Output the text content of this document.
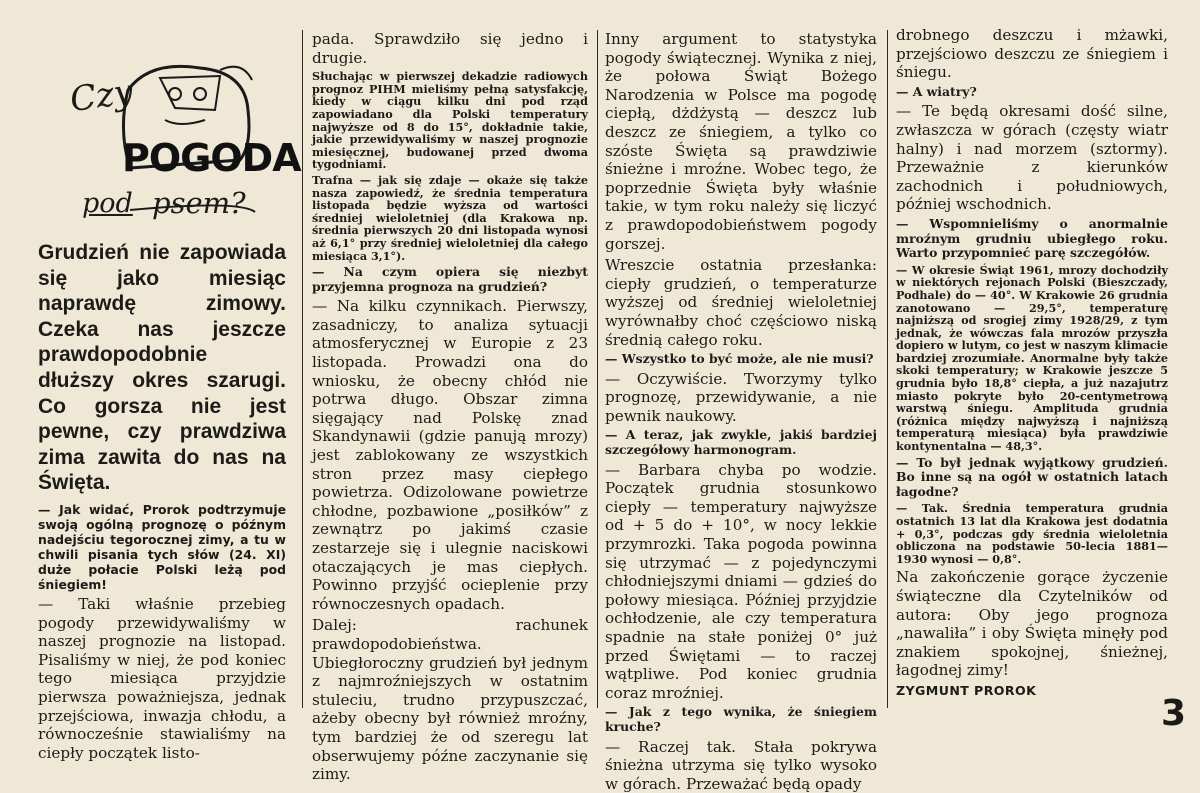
Czy
POGODA
pod psem?

Grudzień nie zapowiada się jako miesiąc naprawdę zimowy. Czeka nas jeszcze prawdopodobnie dłuższy okres szarugi. Co gorsza nie jest pewne, czy prawdziwa zima zawita do nas na Święta.

— Jak widać, Prorok podtrzymuje swoją ogólną prognozę o późnym nadejściu tegorocznej zimy, a tu w chwili pisania tych słów (24. XI) duże połacie Polski leżą pod śniegiem!

— Taki właśnie przebieg pogody przewidywaliśmy w naszej prognozie na listopad. Pisaliśmy w niej, że pod koniec tego miesiąca przyjdzie pierwsza poważniejsza, jednak przejściowa, inwazja chłodu, a równocześnie stawialiśmy na ciepły początek listo-

pada. Sprawdziło się jedno i drugie.

Słuchając w pierwszej dekadzie radiowych prognoz PIHM mieliśmy pełną satysfakcję, kiedy w ciągu kilku dni pod rząd zapowiadano dla Polski temperatury najwyższe od 8 do 15°, dokładnie takie, jakie przewidywaliśmy w naszej prognozie miesięcznej, budowanej przed dwoma tygodniami.

Trafna — jak się zdaje — okaże się także nasza zapowiedź, że średnia temperatura listopada będzie wyższa od wartości średniej wieloletniej (dla Krakowa np. średnia pierwszych 20 dni listopada wynosi aż 6,1° przy średniej wieloletniej dla całego miesiąca 3,1°).

— Na czym opiera się niezbyt przyjemna prognoza na grudzień?

— Na kilku czynnikach. Pierwszy, zasadniczy, to analiza sytuacji atmosferycznej w Europie z 23 listopada. Prowadzi ona do wniosku, że obecny chłód nie potrwa długo. Obszar zimna sięgający nad Polskę znad Skandynawii (gdzie panują mrozy) jest zablokowany ze wszystkich stron przez masy ciepłego powietrza. Odizolowane powietrze chłodne, pozbawione „posiłków” z zewnątrz po jakimś czasie zestarzeje się i ulegnie naciskowi otaczających je mas ciepłych. Powinno przyjść ocieplenie przy równoczesnych opadach.

Dalej: rachunek prawdopodobieństwa. Ubiegłoroczny grudzień był jednym z najmroźniejszych w ostatnim stuleciu, trudno przypuszczać, ażeby obecny był również mroźny, tym bardziej że od szeregu lat obserwujemy późne zaczynanie się zimy.

Inny argument to statystyka pogody świątecznej. Wynika z niej, że połowa Świąt Bożego Narodzenia w Polsce ma pogodę ciepłą, dżdżystą — deszcz lub deszcz ze śniegiem, a tylko co szóste Święta są prawdziwie śnieżne i mroźne. Wobec tego, że poprzednie Święta były właśnie takie, w tym roku należy się liczyć z prawdopodobieństwem pogody gorszej.

Wreszcie ostatnia przesłanka: ciepły grudzień, o temperaturze wyższej od średniej wieloletniej wyrównałby choć częściowo niską średnią całego roku.

— Wszystko to być może, ale nie musi?

— Oczywiście. Tworzymy tylko prognozę, przewidywanie, a nie pewnik naukowy.

— A teraz, jak zwykle, jakiś bardziej szczegółowy harmonogram.

— Barbara chyba po wodzie. Początek grudnia stosunkowo ciepły — temperatury najwyższe od + 5 do + 10°, w nocy lekkie przymrozki. Taka pogoda powinna się utrzymać — z pojedynczymi chłodniejszymi dniami — gdzieś do połowy miesiąca. Później przyjdzie ochłodzenie, ale czy temperatura spadnie na stałe poniżej 0° już przed Świętami — to raczej wątpliwe. Pod koniec grudnia coraz mroźniej.

— Jak z tego wynika, że śniegiem kruche?

— Raczej tak. Stała pokrywa śnieżna utrzyma się tylko wysoko w górach. Przeważać będą opady

drobnego deszczu i mżawki, przejściowo deszczu ze śniegiem i śniegu.

— A wiatry?

— Te będą okresami dość silne, zwłaszcza w górach (częsty wiatr halny) i nad morzem (sztormy). Przeważnie z kierunków zachodnich i południowych, później wschodnich.

— Wspomnieliśmy o anormalnie mroźnym grudniu ubiegłego roku. Warto przypomnieć parę szczegółów.

— W okresie Świąt 1961, mrozy dochodziły w niektórych rejonach Polski (Bieszczady, Podhale) do — 40°. W Krakowie 26 grudnia zanotowano — 29,5°, temperaturę najniższą od srogiej zimy 1928/29, z tym jednak, że wówczas fala mrozów przyszła dopiero w lutym, co jest w naszym klimacie bardziej zrozumiałe. Anormalne były także skoki temperatury; w Krakowie jeszcze 5 grudnia było 18,8° ciepła, a już nazajutrz miasto pokryte było 20-centymetrową warstwą śniegu. Amplituda grudnia (różnica między najwyższą i najniższą temperaturą miesiąca) była prawdziwie kontynentalna — 48,3°.

— To był jednak wyjątkowy grudzień. Bo inne są na ogół w ostatnich latach łagodne?

— Tak. Średnia temperatura grudnia ostatnich 13 lat dla Krakowa jest dodatnia + 0,3°, podczas gdy średnia wieloletnia obliczona na podstawie 50-lecia 1881—1930 wynosi — 0,8°.

Na zakończenie gorące życzenie świąteczne dla Czytelników od autora: Oby jego prognoza „nawaliła” i oby Święta minęły pod znakiem spokojnej, śnieżnej, łagodnej zimy!

ZYGMUNT PROROK

3
